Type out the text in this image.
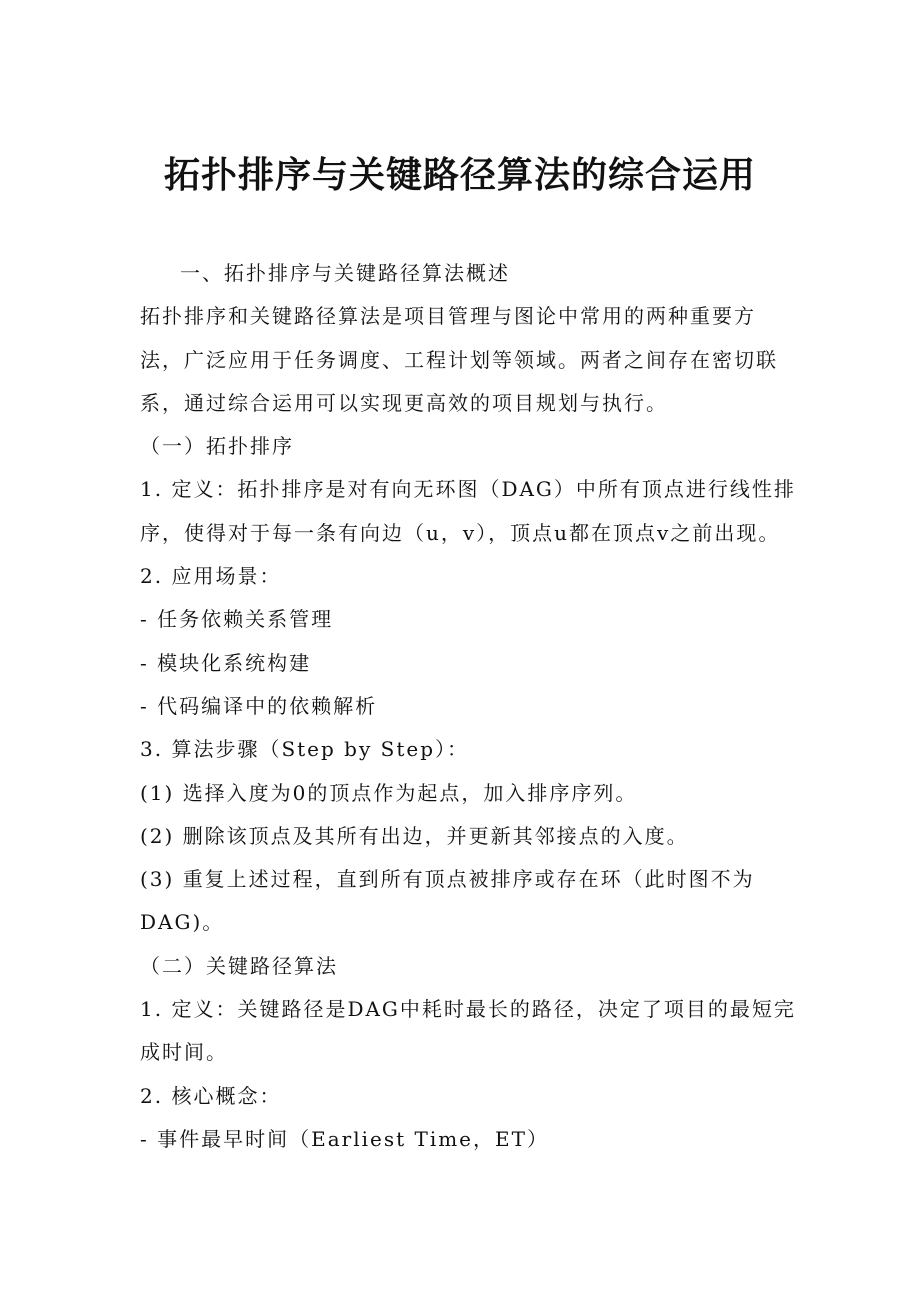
拓扑排序与关键路径算法的综合运用
一、拓扑排序与关键路径算法概述
拓扑排序和关键路径算法是项目管理与图论中常用的两种重要方
法，广泛应用于任务调度、工程计划等领域。两者之间存在密切联
系，通过综合运用可以实现更高效的项目规划与执行。
（一）拓扑排序
1. 定义：拓扑排序是对有向无环图（DAG）中所有顶点进行线性排
序，使得对于每一条有向边（u，v），顶点u都在顶点v之前出现。
2. 应用场景：
- 任务依赖关系管理
- 模块化系统构建
- 代码编译中的依赖解析
3. 算法步骤（Step by Step）：
(1) 选择入度为0的顶点作为起点，加入排序序列。
(2) 删除该顶点及其所有出边，并更新其邻接点的入度。
(3) 重复上述过程，直到所有顶点被排序或存在环（此时图不为
DAG)。
（二）关键路径算法
1. 定义：关键路径是DAG中耗时最长的路径，决定了项目的最短完
成时间。
2. 核心概念：
- 事件最早时间（Earliest Time，ET）
